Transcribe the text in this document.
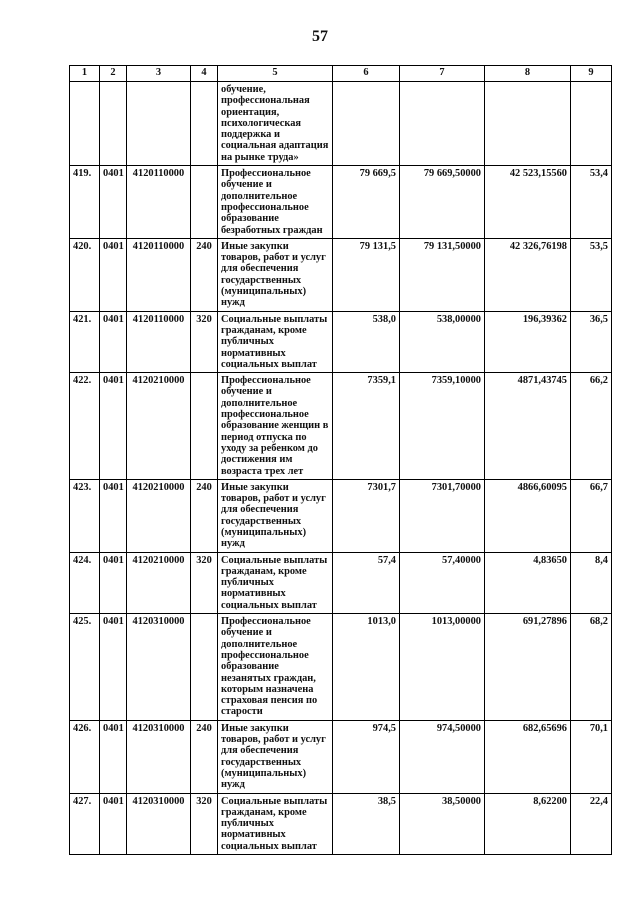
57
1	2	3	4	5	6	7	8	9
				обучение, профессиональная ориентация, психологическая поддержка и социальная адаптация на рынке труда»				
419.	0401	4120110000		Профессиональное обучение и дополнительное профессиональное образование безработных граждан	79 669,5	79 669,50000	42 523,15560	53,4
420.	0401	4120110000	240	Иные закупки товаров, работ и услуг для обеспечения государственных (муниципальных) нужд	79 131,5	79 131,50000	42 326,76198	53,5
421.	0401	4120110000	320	Социальные выплаты гражданам, кроме публичных нормативных социальных выплат	538,0	538,00000	196,39362	36,5
422.	0401	4120210000		Профессиональное обучение и дополнительное профессиональное образование женщин в период отпуска по уходу за ребенком до достижения им возраста трех лет	7359,1	7359,10000	4871,43745	66,2
423.	0401	4120210000	240	Иные закупки товаров, работ и услуг для обеспечения государственных (муниципальных) нужд	7301,7	7301,70000	4866,60095	66,7
424.	0401	4120210000	320	Социальные выплаты гражданам, кроме публичных нормативных социальных выплат	57,4	57,40000	4,83650	8,4
425.	0401	4120310000		Профессиональное обучение и дополнительное профессиональное образование незанятых граждан, которым назначена страховая пенсия по старости	1013,0	1013,00000	691,27896	68,2
426.	0401	4120310000	240	Иные закупки товаров, работ и услуг для обеспечения государственных (муниципальных) нужд	974,5	974,50000	682,65696	70,1
427.	0401	4120310000	320	Социальные выплаты гражданам, кроме публичных нормативных социальных выплат	38,5	38,50000	8,62200	22,4
